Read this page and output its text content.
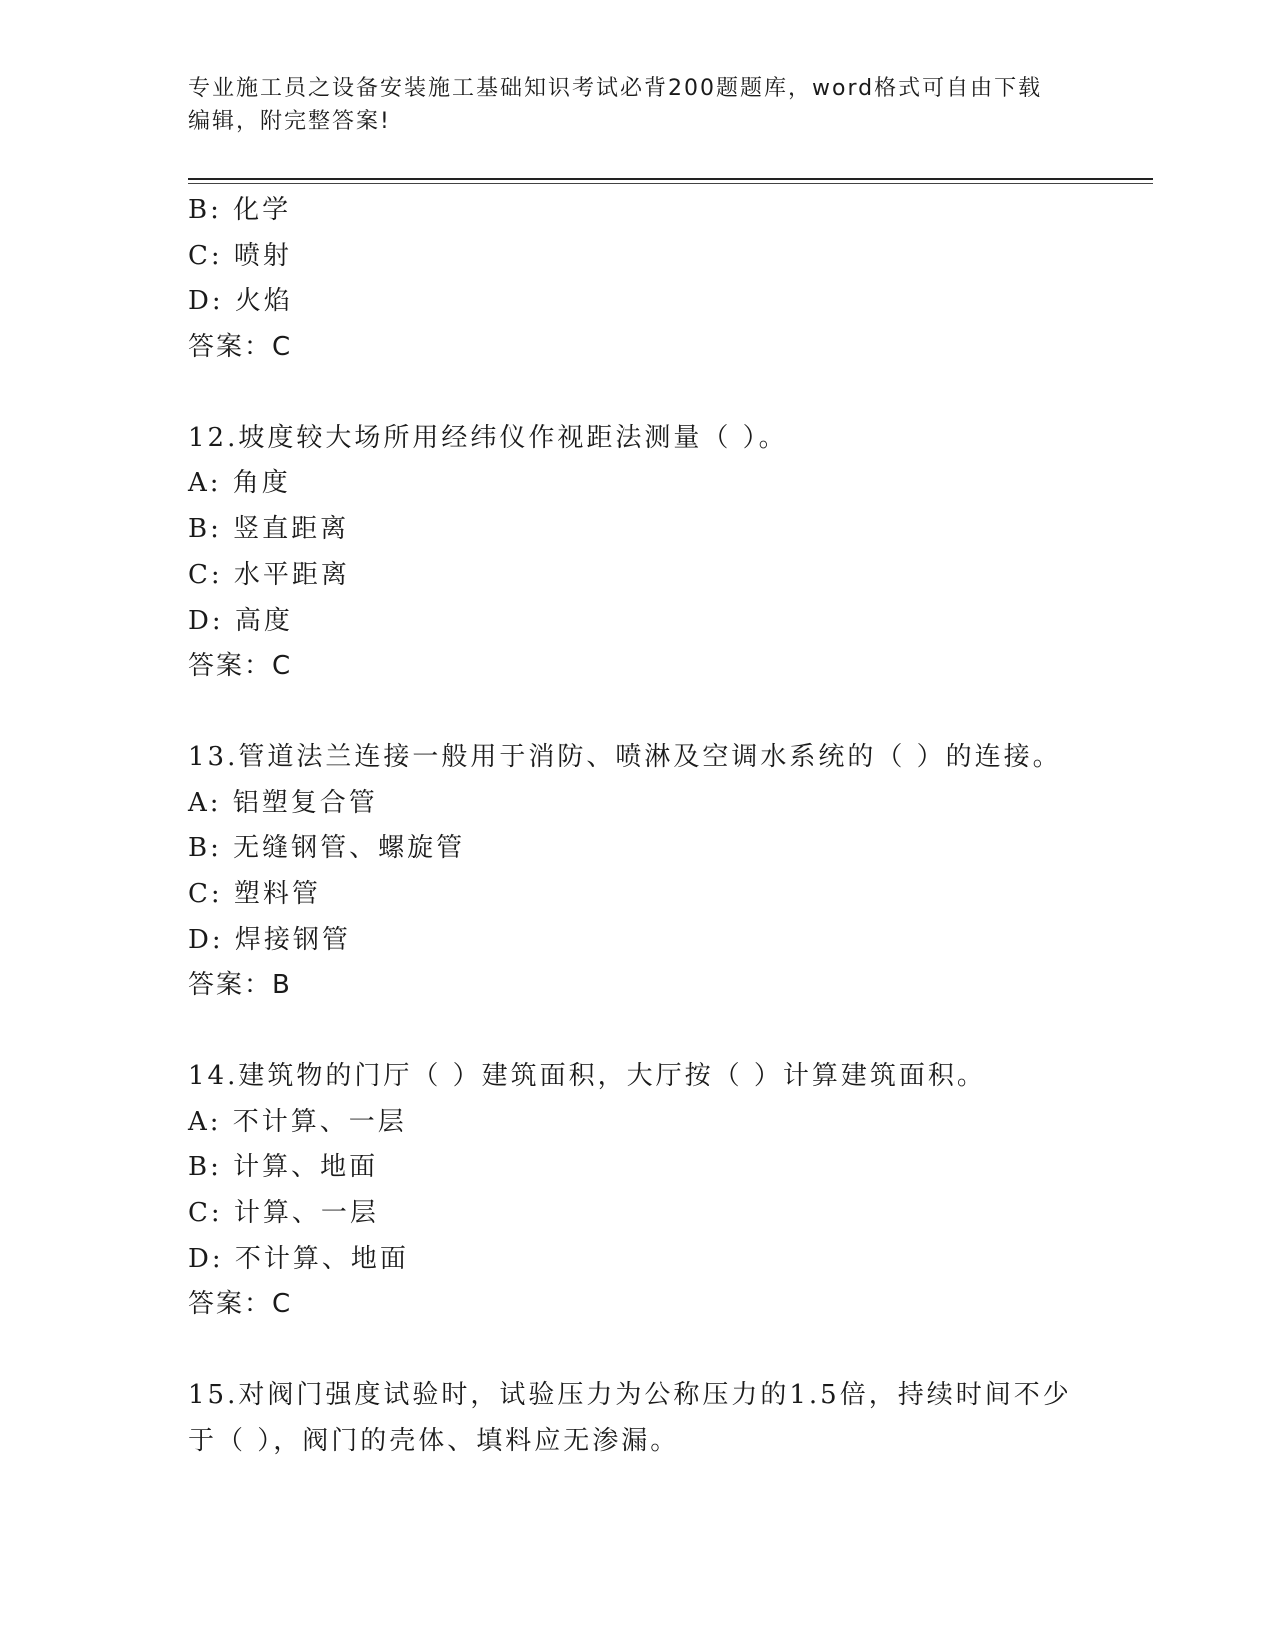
专业施工员之设备安装施工基础知识考试必背200题题库，word格式可自由下载
编辑，附完整答案!
B: 化学
C: 喷射
D: 火焰
答案：C
12.坡度较大场所用经纬仪作视距法测量（ ）。
A: 角度
B: 竖直距离
C: 水平距离
D: 高度
答案：C
13.管道法兰连接一般用于消防、喷淋及空调水系统的（ ）的连接。
A: 铝塑复合管
B: 无缝钢管、螺旋管
C: 塑料管
D: 焊接钢管
答案：B
14.建筑物的门厅（ ）建筑面积，大厅按（ ）计算建筑面积。
A: 不计算、一层
B: 计算、地面
C: 计算、一层
D: 不计算、地面
答案：C
15.对阀门强度试验时，试验压力为公称压力的1.5倍，持续时间不少
于（ ），阀门的壳体、填料应无渗漏。
